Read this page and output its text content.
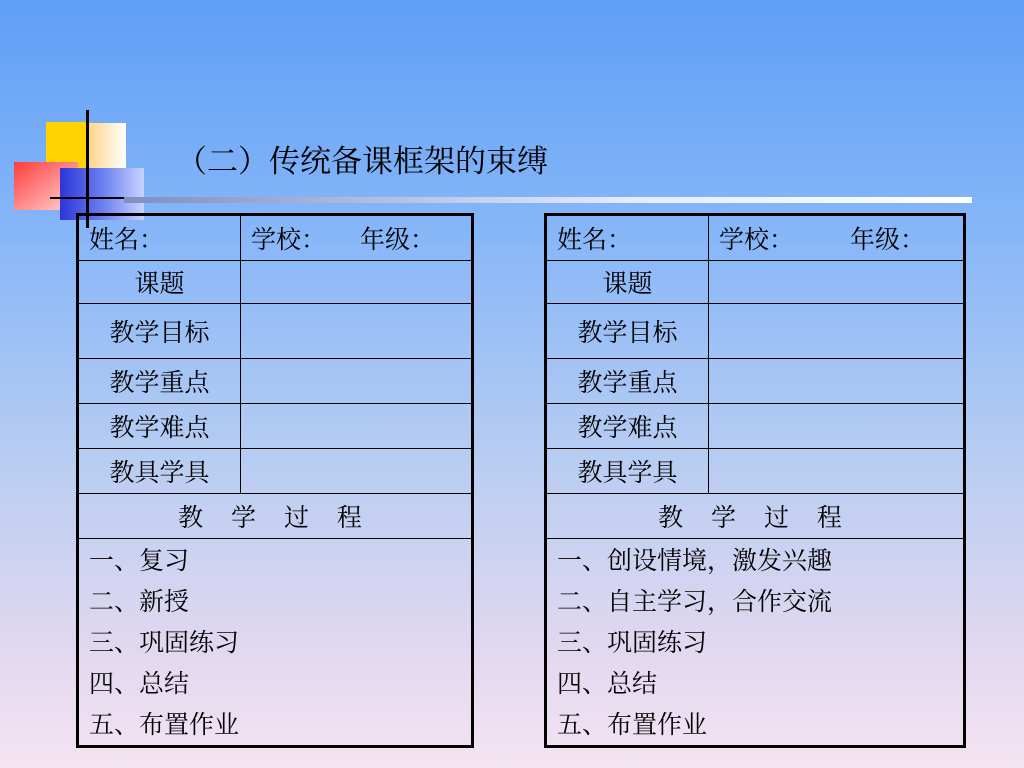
（二）传统备课框架的束缚
姓名：	学校： 年级：
课题	
教学目标	
教学重点	
教学难点	
教具学具	
教 学 过 程	

一、复习
二、新授
三、巩固练习
四、总结
五、布置作业	
姓名：	学校： 年级：
课题	
教学目标	
教学重点	
教学难点	
教具学具	
教 学 过 程	

一、创设情境，激发兴趣
二、自主学习，合作交流
三、巩固练习
四、总结
五、布置作业	
